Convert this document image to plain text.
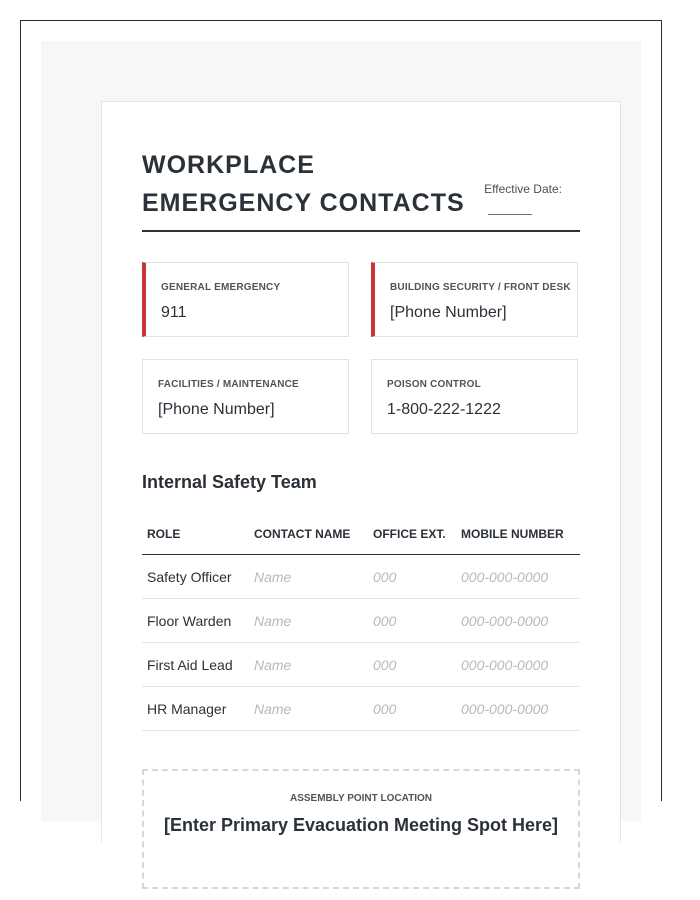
WORKPLACE EMERGENCY CONTACTS	Effective Date:
GENERAL EMERGENCY
911
BUILDING SECURITY / FRONT DESK
[Phone Number]
FACILITIES / MAINTENANCE
[Phone Number]
POISON CONTROL
1-800-222-1222
Internal Safety Team
ROLE	CONTACT NAME	OFFICE EXT.	MOBILE NUMBER
Safety Officer	Name	000	000-000-0000
Floor Warden	Name	000	000-000-0000
First Aid Lead	Name	000	000-000-0000
HR Manager	Name	000	000-000-0000
ASSEMBLY POINT LOCATION
[Enter Primary Evacuation Meeting Spot Here]
